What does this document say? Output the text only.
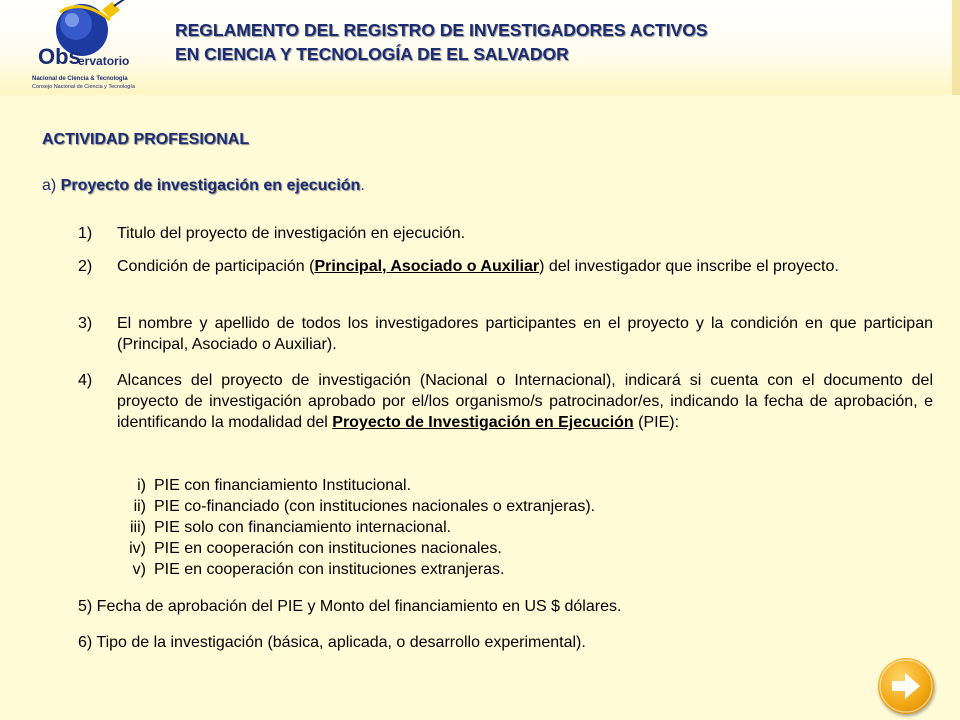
Obs
ervatorio
Nacional de Ciencia & Tecnología
Consejo Nacional de Ciencia y Tecnología
REGLAMENTO DEL REGISTRO DE INVESTIGADORES ACTIVOS
EN CIENCIA Y TECNOLOGÍA DE EL SALVADOR
ACTIVIDAD PROFESIONAL
a) Proyecto de investigación en ejecución.
1)	Titulo del proyecto de investigación en ejecución.
2)	Condición de participación (Principal, Asociado o Auxiliar) del investigador que inscribe el proyecto.
3)	El nombre y apellido de todos los investigadores participantes en el proyecto y la condición en que participan (Principal, Asociado o Auxiliar).
4)	Alcances del proyecto de investigación (Nacional o Internacional), indicará si cuenta con el documento del proyecto de investigación aprobado por el/los organismo/s patrocinador/es, indicando la fecha de aprobación, e identificando la modalidad del Proyecto de Investigación en Ejecución (PIE):
i) PIE con financiamiento Institucional.
ii) PIE co-financiado (con instituciones nacionales o extranjeras).
iii) PIE solo con financiamiento internacional.
iv) PIE en cooperación con instituciones nacionales.
v) PIE en cooperación con instituciones extranjeras.
5) Fecha de aprobación del PIE y Monto del financiamiento en US $ dólares.
6) Tipo de la investigación (básica, aplicada, o desarrollo experimental).
